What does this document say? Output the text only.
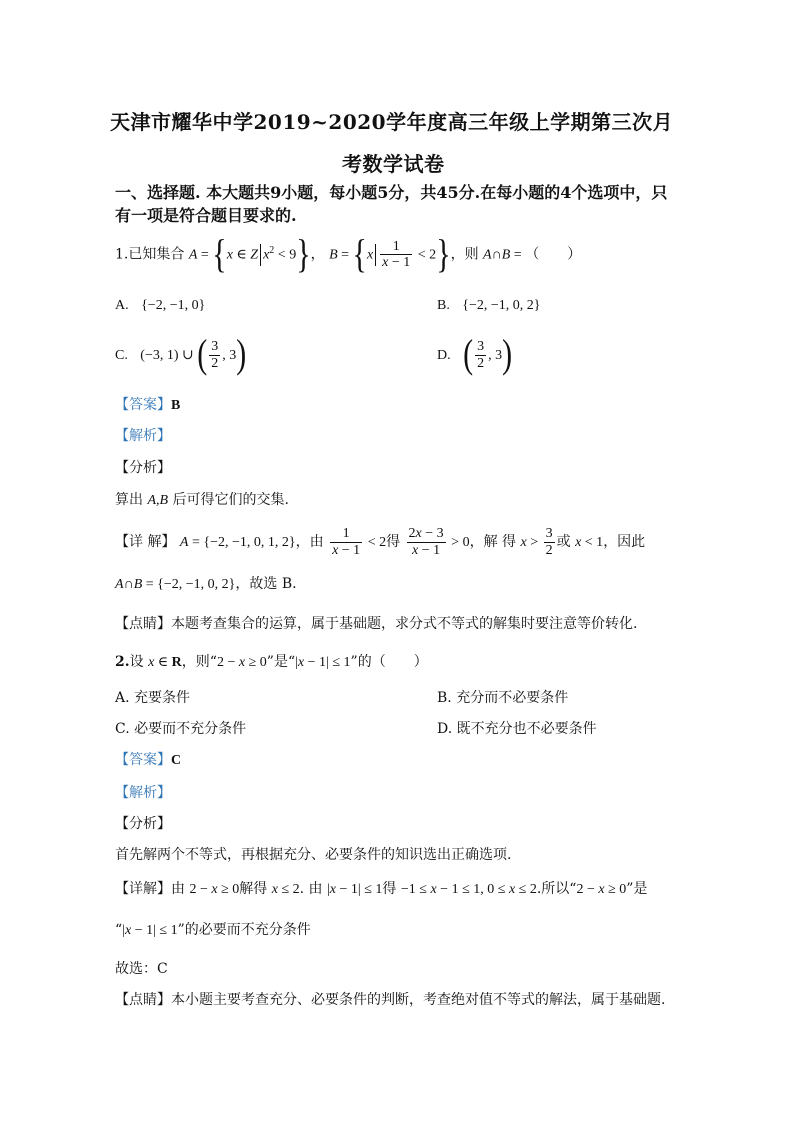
天津市耀华中学2019~2020学年度高三年级上学期第三次月
考数学试卷
一、选择题. 本大题共9小题，每小题5分，共45分.在每小题的4个选项中，只
有一项是符合题目要求的.
1.已知集合 A = {x ∈ Z $x^2 < 9$}， $B = \{x \frac{1}{x - 1} < 2\}$，则 A∩B = （　　）
A. {−2, −1, 0}	B. {−2, −1, 0, 2}
C. (−3, 1) ∪ ( $\frac{3}{2}$ , 3)	D. ( $\frac{3}{2}$ , 3)
【答案】B
【解析】
【分析】
算出 A,B 后可得它们的交集.
【详 解】 A = {−2, −1, 0, 1, 2}，由 $\frac{1}{x - 1} < 2$得 $\frac{2x - 3}{x - 1} > 0$，解 得 $x > \frac{3}{2}$ 或 x < 1，因此
A∩B = {−2, −1, 0, 2}，故选 B.
【点睛】本题考查集合的运算，属于基础题，求分式不等式的解集时要注意等价转化.
2.设 x ∈ R，则“2 − x ≥ 0”是“|x − 1| ≤ 1”的（　　）
A. 充要条件	B. 充分而不必要条件
C. 必要而不充分条件	D. 既不充分也不必要条件
【答案】C
【解析】
【分析】
首先解两个不等式，再根据充分、必要条件的知识选出正确选项.
【详解】由 2 − x ≥ 0解得 x ≤ 2. 由 |x − 1| ≤ 1得 −1 ≤ x − 1 ≤ 1, 0 ≤ x ≤ 2.所以“2 − x ≥ 0”是
“|x − 1| ≤ 1”的必要而不充分条件
故选：C
【点睛】本小题主要考查充分、必要条件的判断，考查绝对值不等式的解法，属于基础题.
